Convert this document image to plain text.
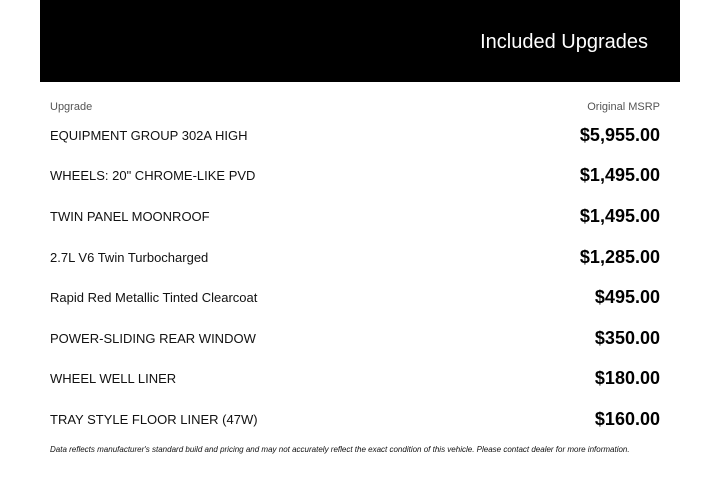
Included Upgrades
Upgrade	Original MSRP
EQUIPMENT GROUP 302A HIGH	$5,955.00
WHEELS: 20" CHROME-LIKE PVD	$1,495.00
TWIN PANEL MOONROOF	$1,495.00
2.7L V6 Twin Turbocharged	$1,285.00
Rapid Red Metallic Tinted Clearcoat	$495.00
POWER-SLIDING REAR WINDOW	$350.00
WHEEL WELL LINER	$180.00
TRAY STYLE FLOOR LINER (47W)	$160.00
Data reflects manufacturer's standard build and pricing and may not accurately reflect the exact condition of this vehicle. Please contact dealer for more information.
